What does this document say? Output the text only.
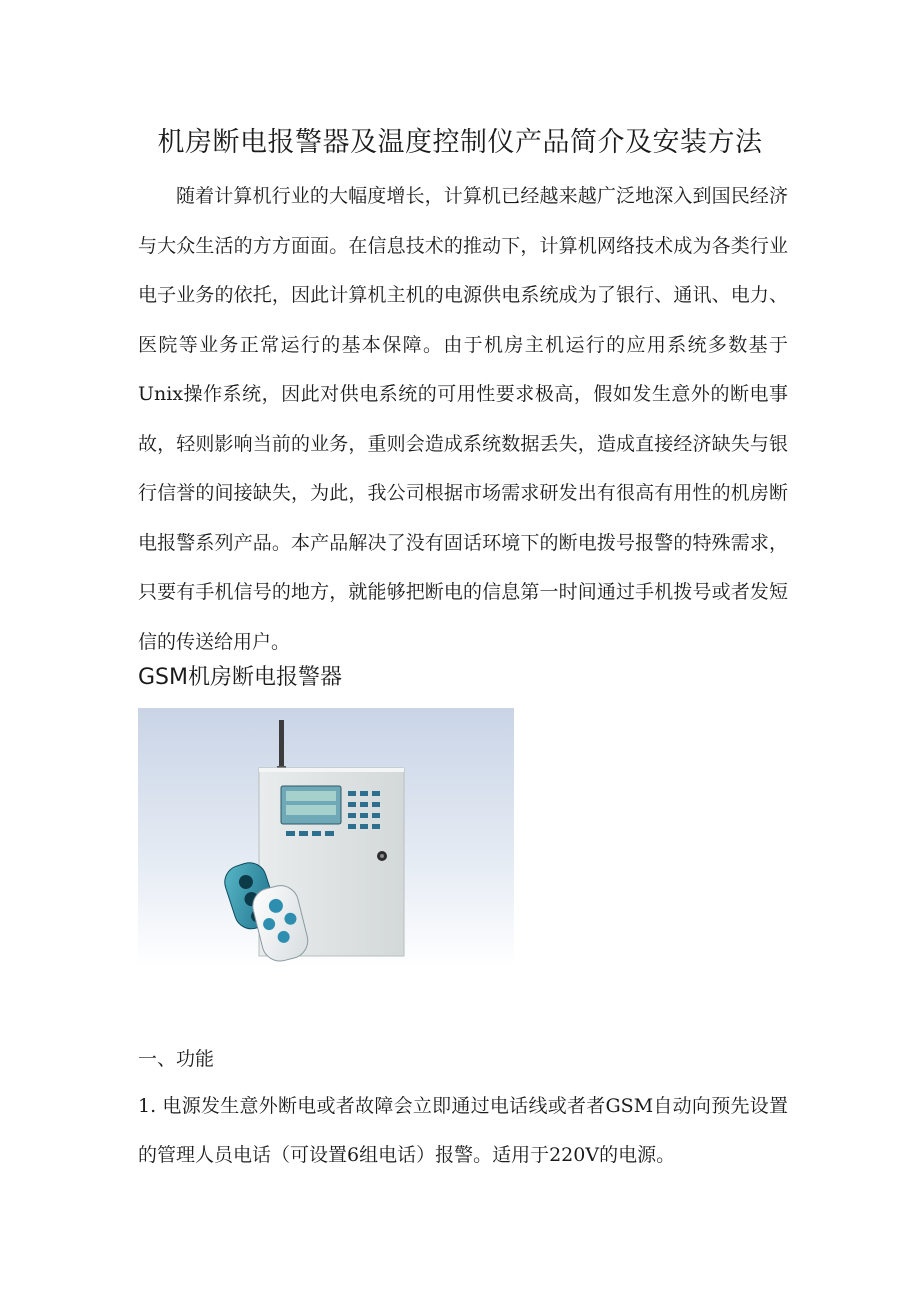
机房断电报警器及温度控制仪产品简介及安装方法

随着计算机行业的大幅度增长，计算机已经越来越广泛地深入到国民经济与大众生活的方方面面。在信息技术的推动下，计算机网络技术成为各类行业电子业务的依托，因此计算机主机的电源供电系统成为了银行、通讯、电力、医院等业务正常运行的基本保障。由于机房主机运行的应用系统多数基于Unix操作系统，因此对供电系统的可用性要求极高，假如发生意外的断电事故，轻则影响当前的业务，重则会造成系统数据丢失，造成直接经济缺失与银行信誉的间接缺失，为此，我公司根据市场需求研发出有很高有用性的机房断电报警系列产品。本产品解决了没有固话环境下的断电拨号报警的特殊需求，只要有手机信号的地方，就能够把断电的信息第一时间通过手机拨号或者发短信的传送给用户。

GSM机房断电报警器
一、功能

1. 电源发生意外断电或者故障会立即通过电话线或者者GSM自动向预先设置的管理人员电话（可设置6组电话）报警。适用于220V的电源。
